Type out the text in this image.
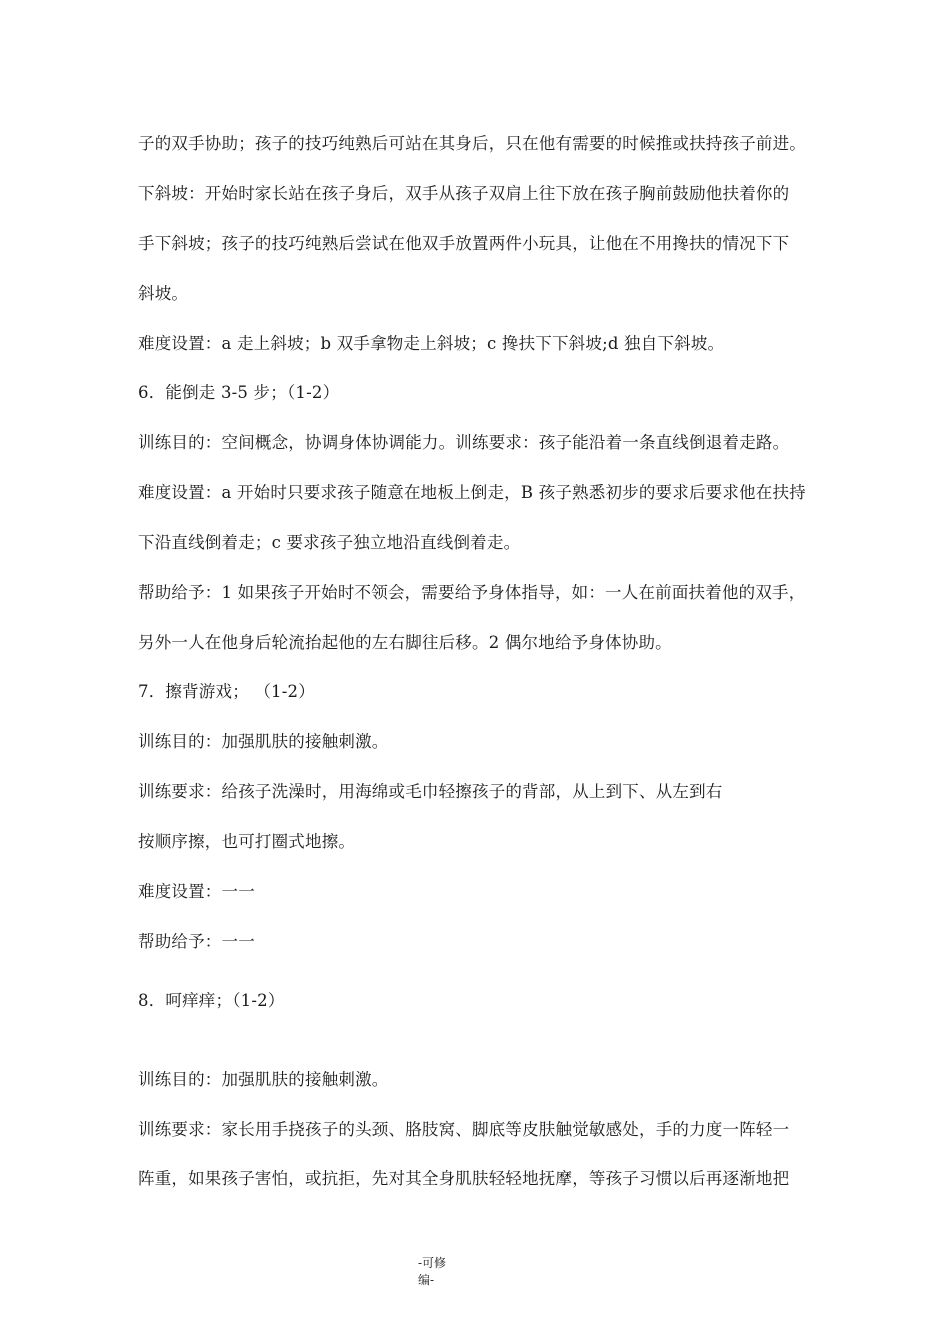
子的双手协助；孩子的技巧纯熟后可站在其身后，只在他有需要的时候推或扶持孩子前进。
下斜坡：开始时家长站在孩子身后，双手从孩子双肩上往下放在孩子胸前鼓励他扶着你的
手下斜坡；孩子的技巧纯熟后尝试在他双手放置两件小玩具，让他在不用搀扶的情况下下
斜坡。
难度设置：a 走上斜坡；b 双手拿物走上斜坡；c 搀扶下下斜坡;d 独自下斜坡。
6．能倒走 3-5 步；（1-2）
训练目的：空间概念，协调身体协调能力。训练要求：孩子能沿着一条直线倒退着走路。
难度设置：a 开始时只要求孩子随意在地板上倒走，B 孩子熟悉初步的要求后要求他在扶持
下沿直线倒着走；c 要求孩子独立地沿直线倒着走。
帮助给予：1 如果孩子开始时不领会，需要给予身体指导，如：一人在前面扶着他的双手，
另外一人在他身后轮流抬起他的左右脚往后移。2 偶尔地给予身体协助。
7．擦背游戏； （1-2）
训练目的：加强肌肤的接触刺激。
训练要求：给孩子洗澡时，用海绵或毛巾轻擦孩子的背部，从上到下、从左到右
按顺序擦，也可打圈式地擦。
难度设置：一一
帮助给予：一一
8．呵痒痒；（1-2）
训练目的：加强肌肤的接触刺激。
训练要求：家长用手挠孩子的头颈、胳肢窝、脚底等皮肤触觉敏感处，手的力度一阵轻一
阵重，如果孩子害怕，或抗拒，先对其全身肌肤轻轻地抚摩，等孩子习惯以后再逐渐地把
-可修
编-
